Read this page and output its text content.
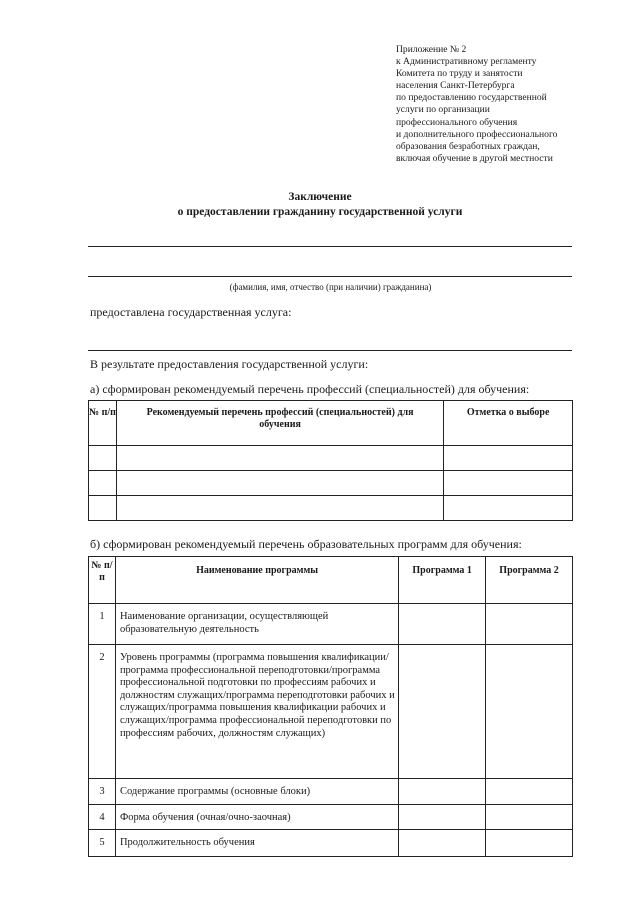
Приложение № 2
к Административному регламенту
Комитета по труду и занятости
населения Санкт-Петербурга
по предоставлению государственной
услуги по организации
профессионального обучения
и дополнительного профессионального
образования безработных граждан,
включая обучение в другой местности
Заключение
о предоставлении гражданину государственной услуги
(фамилия, имя, отчество (при наличии) гражданина)
предоставлена государственная услуга:
В результате предоставления государственной услуги:
а) сформирован рекомендуемый перечень профессий (специальностей) для обучения:
№ п/п	Рекомендуемый перечень профессий (специальностей) для обучения	Отметка о выборе

б) сформирован рекомендуемый перечень образовательных программ для обучения:
№ п/п	Наименование программы	Программа 1	Программа 2
1	Наименование организации, осуществляющей образовательную деятельность		
2	Уровень программы (программа повышения квалификации/программа профессиональной переподготовки/программа профессиональной подготовки по профессиям рабочих и должностям служащих/программа переподготовки рабочих и служащих/программа повышения квалификации рабочих и служащих/программа профессиональной переподготовки по профессиям рабочих, должностям служащих)		
3	Содержание программы (основные блоки)		
4	Форма обучения (очная/очно-заочная)		
5	Продолжительность обучения		
